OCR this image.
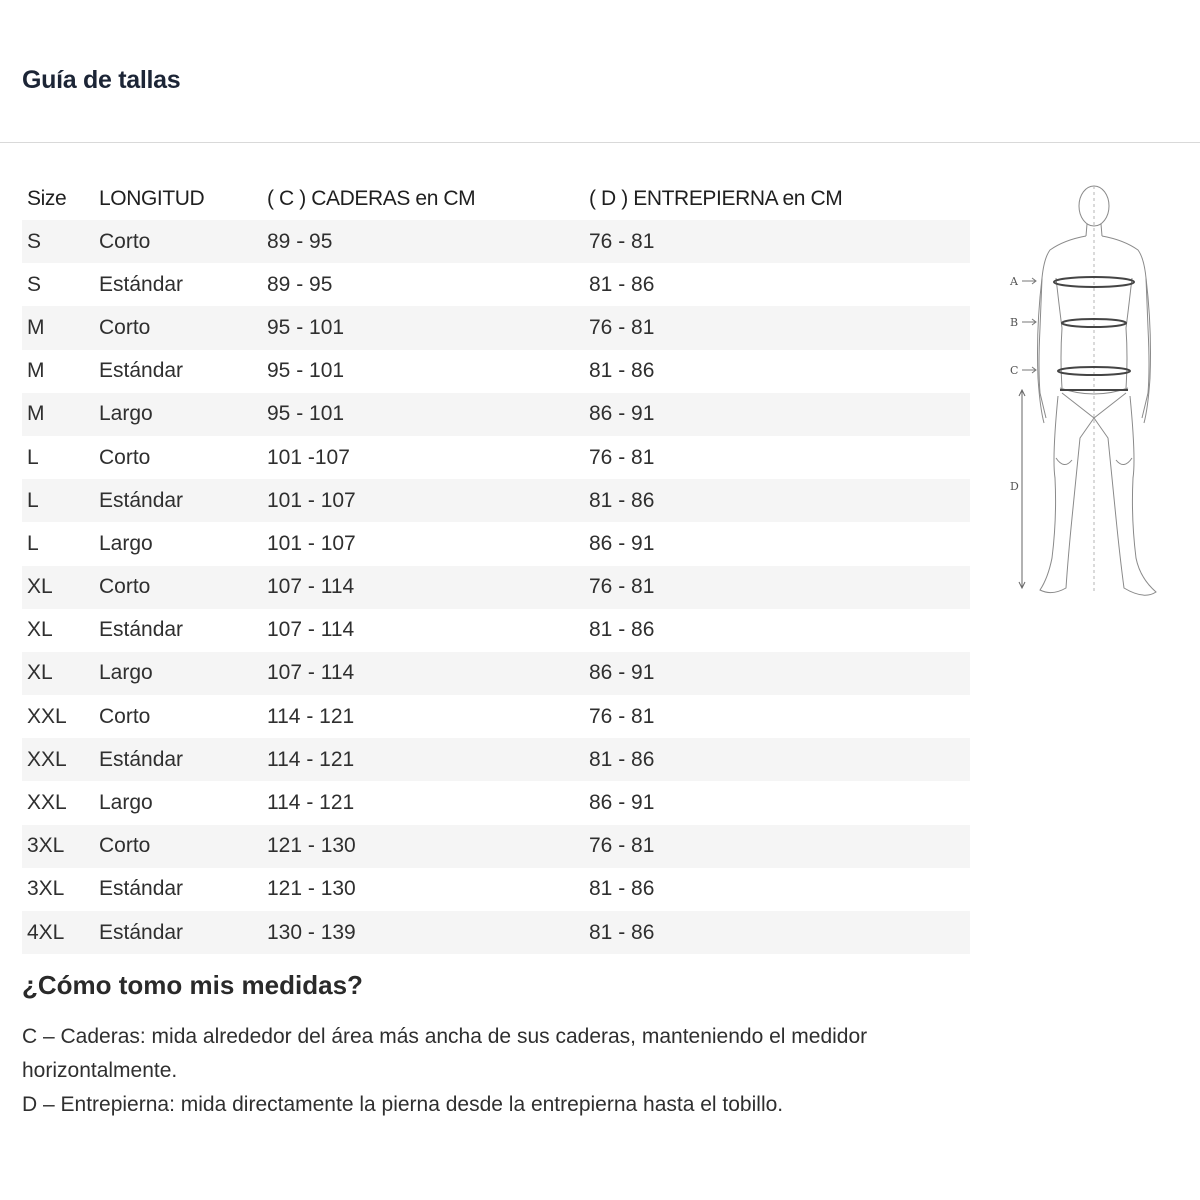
Guía de tallas
Size	LONGITUD	( C ) CADERAS en CM	( D ) ENTREPIERNA en CM
S	Corto	89 - 95	76 - 81
S	Estándar	89 - 95	81 - 86
M	Corto	95 - 101	76 - 81
M	Estándar	95 - 101	81 - 86
M	Largo	95 - 101	86 - 91
L	Corto	101 -107	76 - 81
L	Estándar	101 - 107	81 - 86
L	Largo	101 - 107	86 - 91
XL	Corto	107 - 114	76 - 81
XL	Estándar	107 - 114	81 - 86
XL	Largo	107 - 114	86 - 91
XXL	Corto	114 - 121	76 - 81
XXL	Estándar	114 - 121	81 - 86
XXL	Largo	114 - 121	86 - 91
3XL	Corto	121 - 130	76 - 81
3XL	Estándar	121 - 130	81 - 86
4XL	Estándar	130 - 139	81 - 86
A
B
C
D
¿Cómo tomo mis medidas?

C – Caderas: mida alrededor del área más ancha de sus caderas, manteniendo el medidor horizontalmente.

D – Entrepierna: mida directamente la pierna desde la entrepierna hasta el tobillo.
